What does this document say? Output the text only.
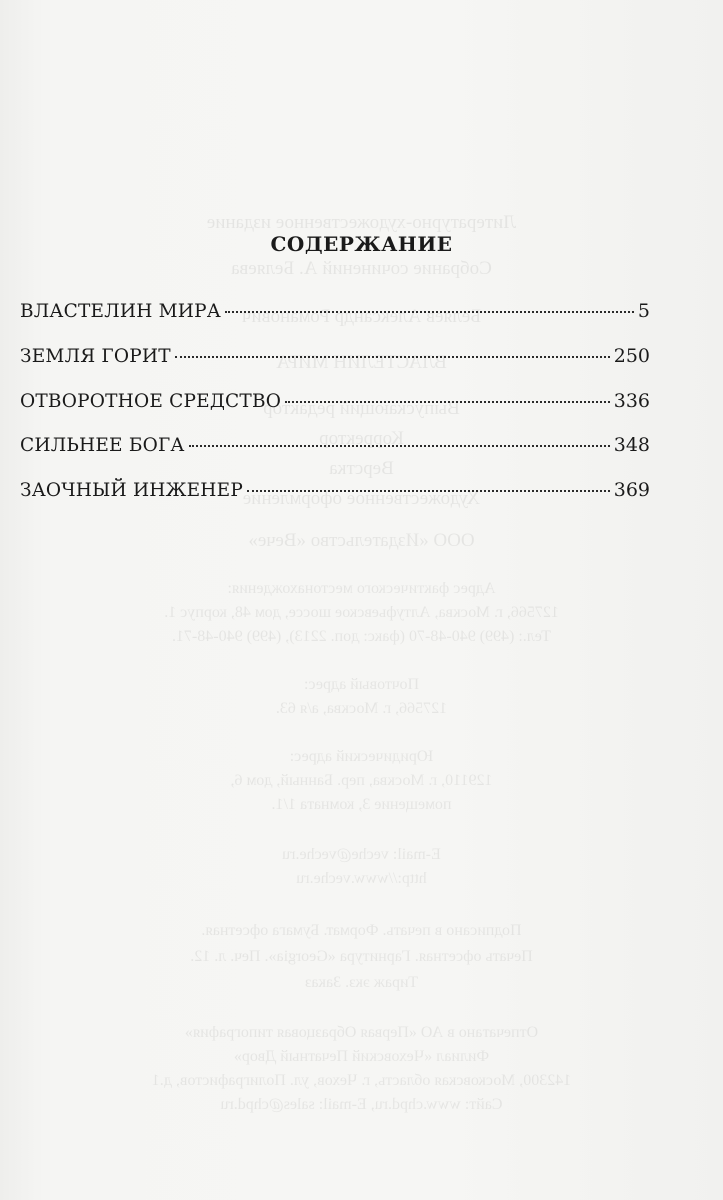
Литературно-художественное издание
Собрание сочинений А. Беляева
Беляев Александр Романович
ВЛАСТЕЛИН МИРА
Выпускающий редактор
Корректор
Верстка
Художественное оформление
ООО «Издательство «Вече»
Адрес фактического местонахождения:
127566, г. Москва, Алтуфьевское шоссе, дом 48, корпус 1.
Тел.: (499) 940-48-70 (факс: доп. 2213), (499) 940-48-71.
Почтовый адрес:
127566, г. Москва, а/я 63.
Юридический адрес:
129110, г. Москва, пер. Банный, дом 6,
помещение 3, комната 1/1.
E-mail: veche@veche.ru
http://www.veche.ru
Подписано в печать. Формат. Бумага офсетная.
Печать офсетная. Гарнитура «Georgia». Печ. л. 12.
Тираж экз. Заказ
Отпечатано в АО «Первая Образцовая типография»
Филиал «Чеховский Печатный Двор»
142300, Московская область, г. Чехов, ул. Полиграфистов, д.1
Сайт: www.chpd.ru, E-mail: sales@chpd.ru
СОДЕРЖАНИЕ
ВЛАСТЕЛИН МИРА	5
ЗЕМЛЯ ГОРИТ	250
ОТВОРОТНОЕ СРЕДСТВО	336
СИЛЬНЕЕ БОГА	348
ЗАОЧНЫЙ ИНЖЕНЕР	369
